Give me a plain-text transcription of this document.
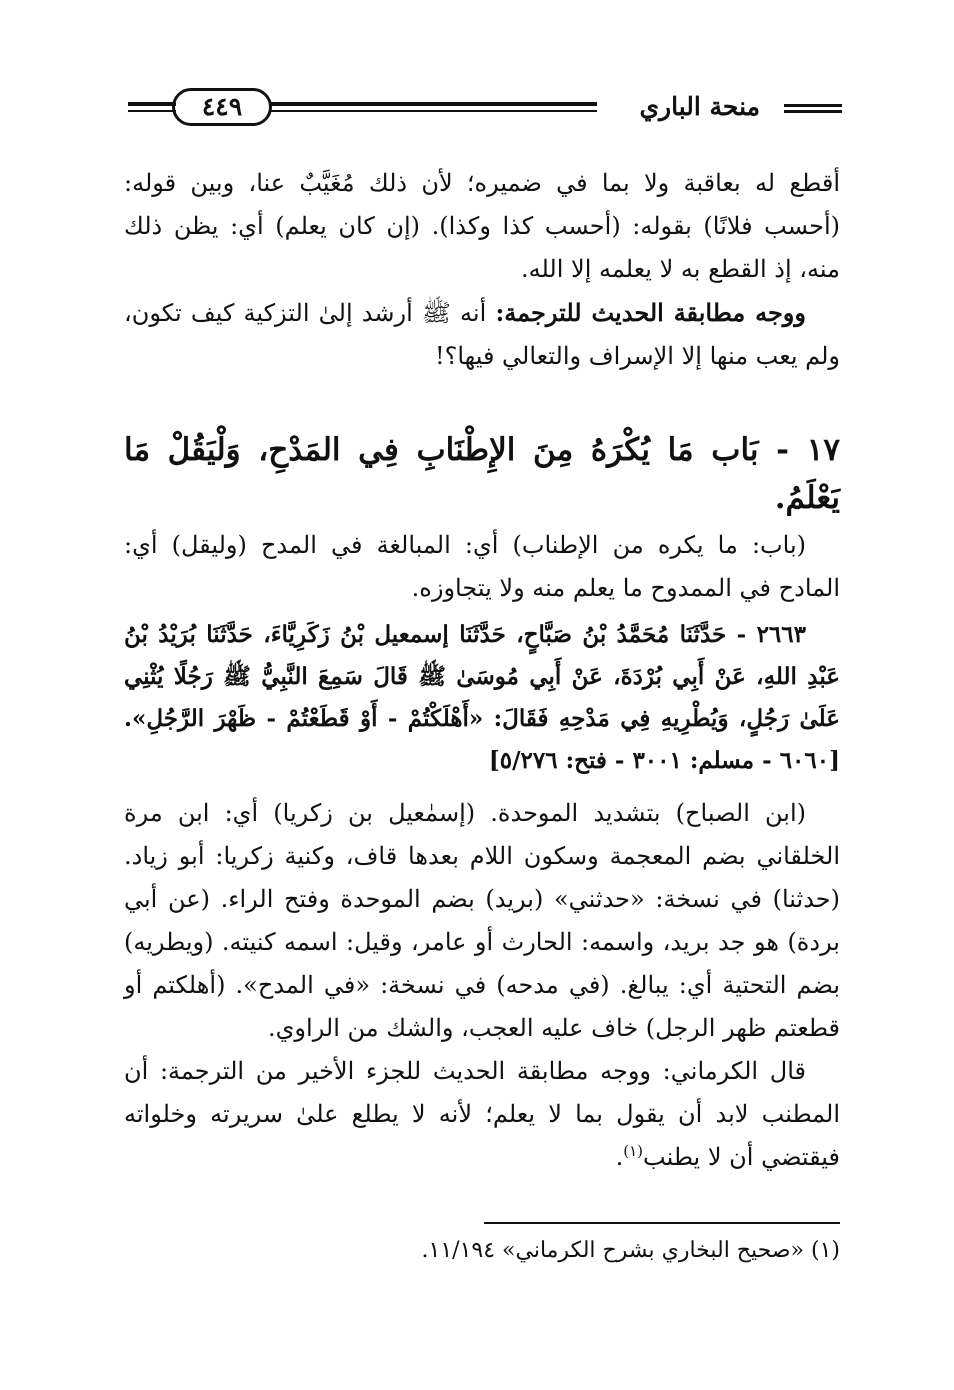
منحة الباري
٤٤٩

أقطع له بعاقبة ولا بما في ضميره؛ لأن ذلك مُغَيَّبٌ عنا، وبين قوله: (أحسب فلانًا) بقوله: (أحسب كذا وكذا). (إن كان يعلم) أي: يظن ذلك منه، إذ القطع به لا يعلمه إلا الله.

ووجه مطابقة الحديث للترجمة: أنه ﷺ أرشد إلىٰ التزكية كيف تكون، ولم يعب منها إلا الإسراف والتعالي فيها؟!

١٧ - بَاب مَا يُكْرَهُ مِنَ الإِطْنَابِ فِي المَدْحِ، وَلْيَقُلْ مَا يَعْلَمُ.

(باب: ما يكره من الإطناب) أي: المبالغة في المدح (وليقل) أي: المادح في الممدوح ما يعلم منه ولا يتجاوزه.

٢٦٦٣ - حَدَّثَنَا مُحَمَّدُ بْنُ صَبَّاحٍ، حَدَّثَنَا إسمعيل بْنُ زَكَرِيَّاءَ، حَدَّثَنَا بُرَيْدُ بْنُ عَبْدِ اللهِ، عَنْ أَبِي بُرْدَةَ، عَنْ أَبِي مُوسَىٰ ﷺ قَالَ سَمِعَ النَّبِيُّ ﷺ رَجُلًا يُثْنِي عَلَىٰ رَجُلٍ، وَيُطْرِيهِ فِي مَدْحِهِ فَقَالَ: «أَهْلَكْتُمْ - أَوْ قَطَعْتُمْ - ظَهْرَ الرَّجُلِ». [٦٠٦٠ - مسلم: ٣٠٠١ - فتح: ٥/٢٧٦]

(ابن الصباح) بتشديد الموحدة. (إسمٰعيل بن زكريا) أي: ابن مرة الخلقاني بضم المعجمة وسكون اللام بعدها قاف، وكنية زكريا: أبو زياد. (حدثنا) في نسخة: «حدثني» (بريد) بضم الموحدة وفتح الراء. (عن أبي بردة) هو جد بريد، واسمه: الحارث أو عامر، وقيل: اسمه كنيته. (ويطريه) بضم التحتية أي: يبالغ. (في مدحه) في نسخة: «في المدح». (أهلكتم أو قطعتم ظهر الرجل) خاف عليه العجب، والشك من الراوي.

قال الكرماني: ووجه مطابقة الحديث للجزء الأخير من الترجمة: أن المطنب لابد أن يقول بما لا يعلم؛ لأنه لا يطلع علىٰ سريرته وخلواته فيقتضي أن لا يطنب$^{(١)}$.

(١) «صحيح البخاري بشرح الكرماني» ١١/١٩٤.
